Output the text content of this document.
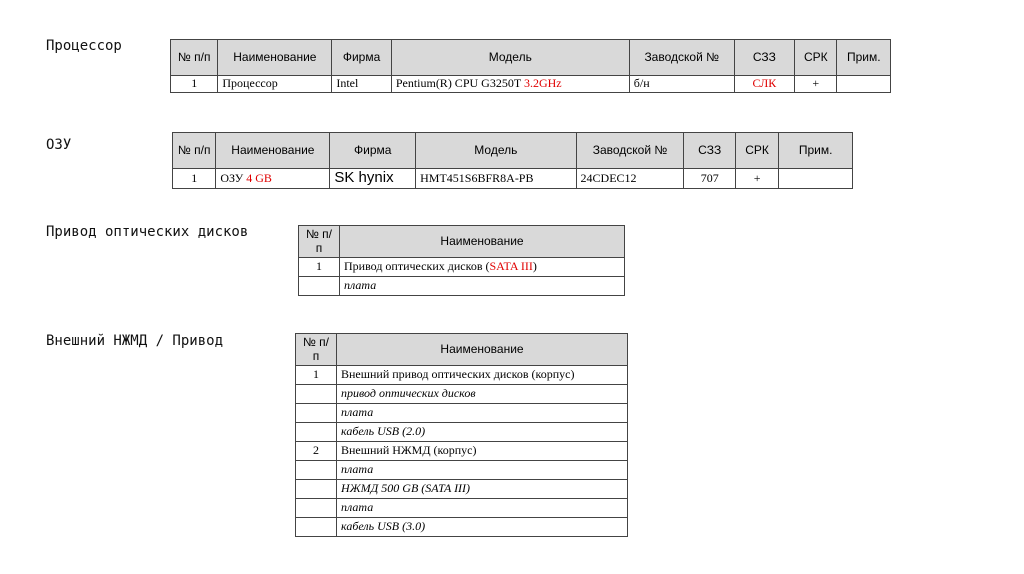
Процессор
ОЗУ
Привод оптических дисков
Внешний НЖМД / Привод
№ п/п	Наименование	Фирма	Модель	Заводской №	СЗЗ	СРК	Прим.
1	Процессор	Intel	Pentium(R) CPU G3250T 3.2GHz	б/н	СЛК	+	
№ п/п	Наименование	Фирма	Модель	Заводской №	СЗЗ	СРК	Прим.
1	ОЗУ 4 GB	SK hynix	HMT451S6BFR8A-PB	24CDEC12	707	+	
№ п/п	Наименование
1	Привод оптических дисков (SATA III)
	плата
№ п/п	Наименование
1	Внешний привод оптических дисков (корпус)
	привод оптических дисков
	плата
	кабель USB (2.0)
2	Внешний НЖМД (корпус)
	плата
	НЖМД 500 GB (SATA III)
	плата
	кабель USB (3.0)
